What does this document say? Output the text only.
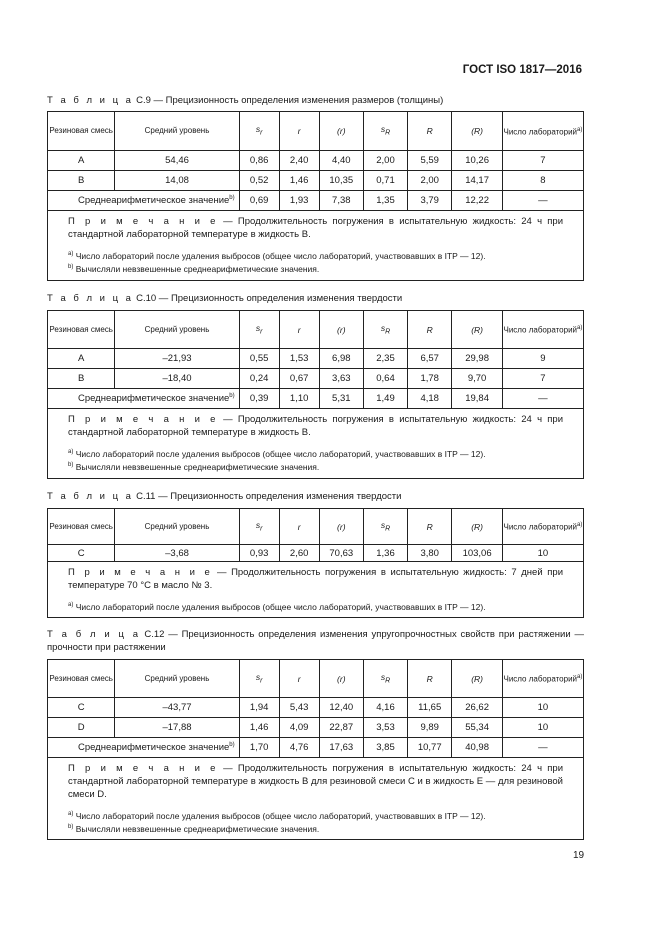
ГОСТ ISO 1817—2016
Т а б л и ц а С.9 — Прецизионность определения изменения размеров (толщины)
Резиновая смесь	Средний уровень	$s_r$	r	(r)	$s_R$	R	(R)	Число лабораторий$^{a)}$
A	54,46	0,86	2,40	4,40	2,00	5,59	10,26	7
B	14,08	0,52	1,46	10,35	0,71	2,00	14,17	8
Среднеарифметическое значение$^{b)}$		0,69	1,93	7,38	1,35	3,79	12,22	—

П р и м е ч а н и е — Продолжительность погружения в испытательную жидкость: 24 ч при стандартной лабораторной температуре в жидкость B.

$^{a)}$ Число лабораторий после удаления выбросов (общее число лабораторий, участвовавших в ITP — 12).

$^{b)}$ Вычисляли невзвешенные среднеарифметические значения.								

Т а б л и ц а С.10 — Прецизионность определения изменения твердости
Резиновая смесь	Средний уровень	$s_r$	r	(r)	$s_R$	R	(R)	Число лабораторий$^{a)}$
A	–21,93	0,55	1,53	6,98	2,35	6,57	29,98	9
B	–18,40	0,24	0,67	3,63	0,64	1,78	9,70	7
Среднеарифметическое значение$^{b)}$		0,39	1,10	5,31	1,49	4,18	19,84	—

П р и м е ч а н и е — Продолжительность погружения в испытательную жидкость: 24 ч при стандартной лабораторной температуре в жидкость B.

$^{a)}$ Число лабораторий после удаления выбросов (общее число лабораторий, участвовавших в ITP — 12).

$^{b)}$ Вычисляли невзвешенные среднеарифметические значения.								

Т а б л и ц а С.11 — Прецизионность определения изменения твердости
Резиновая смесь	Средний уровень	$s_r$	r	(r)	$s_R$	R	(R)	Число лабораторий$^{a)}$
C	–3,68	0,93	2,60	70,63	1,36	3,80	103,06	10

П р и м е ч а н и е — Продолжительность погружения в испытательную жидкость: 7 дней при температуре 70 °С в масло № 3.

$^{a)}$ Число лабораторий после удаления выбросов (общее число лабораторий, участвовавших в ITP — 12).								

Т а б л и ц а С.12 — Прецизионность определения изменения упругопрочностных свойств при растяжении — прочности при растяжении
Резиновая смесь	Средний уровень	$s_r$	r	(r)	$s_R$	R	(R)	Число лабораторий$^{a)}$
C	–43,77	1,94	5,43	12,40	4,16	11,65	26,62	10
D	–17,88	1,46	4,09	22,87	3,53	9,89	55,34	10
Среднеарифметическое значение$^{b)}$		1,70	4,76	17,63	3,85	10,77	40,98	—

П р и м е ч а н и е — Продолжительность погружения в испытательную жидкость: 24 ч при стандартной лабораторной температуре в жидкость B для резиновой смеси C и в жидкость E — для резиновой смеси D.

$^{a)}$ Число лабораторий после удаления выбросов (общее число лабораторий, участвовавших в ITP — 12).

$^{b)}$ Вычисляли невзвешенные среднеарифметические значения.								

19
